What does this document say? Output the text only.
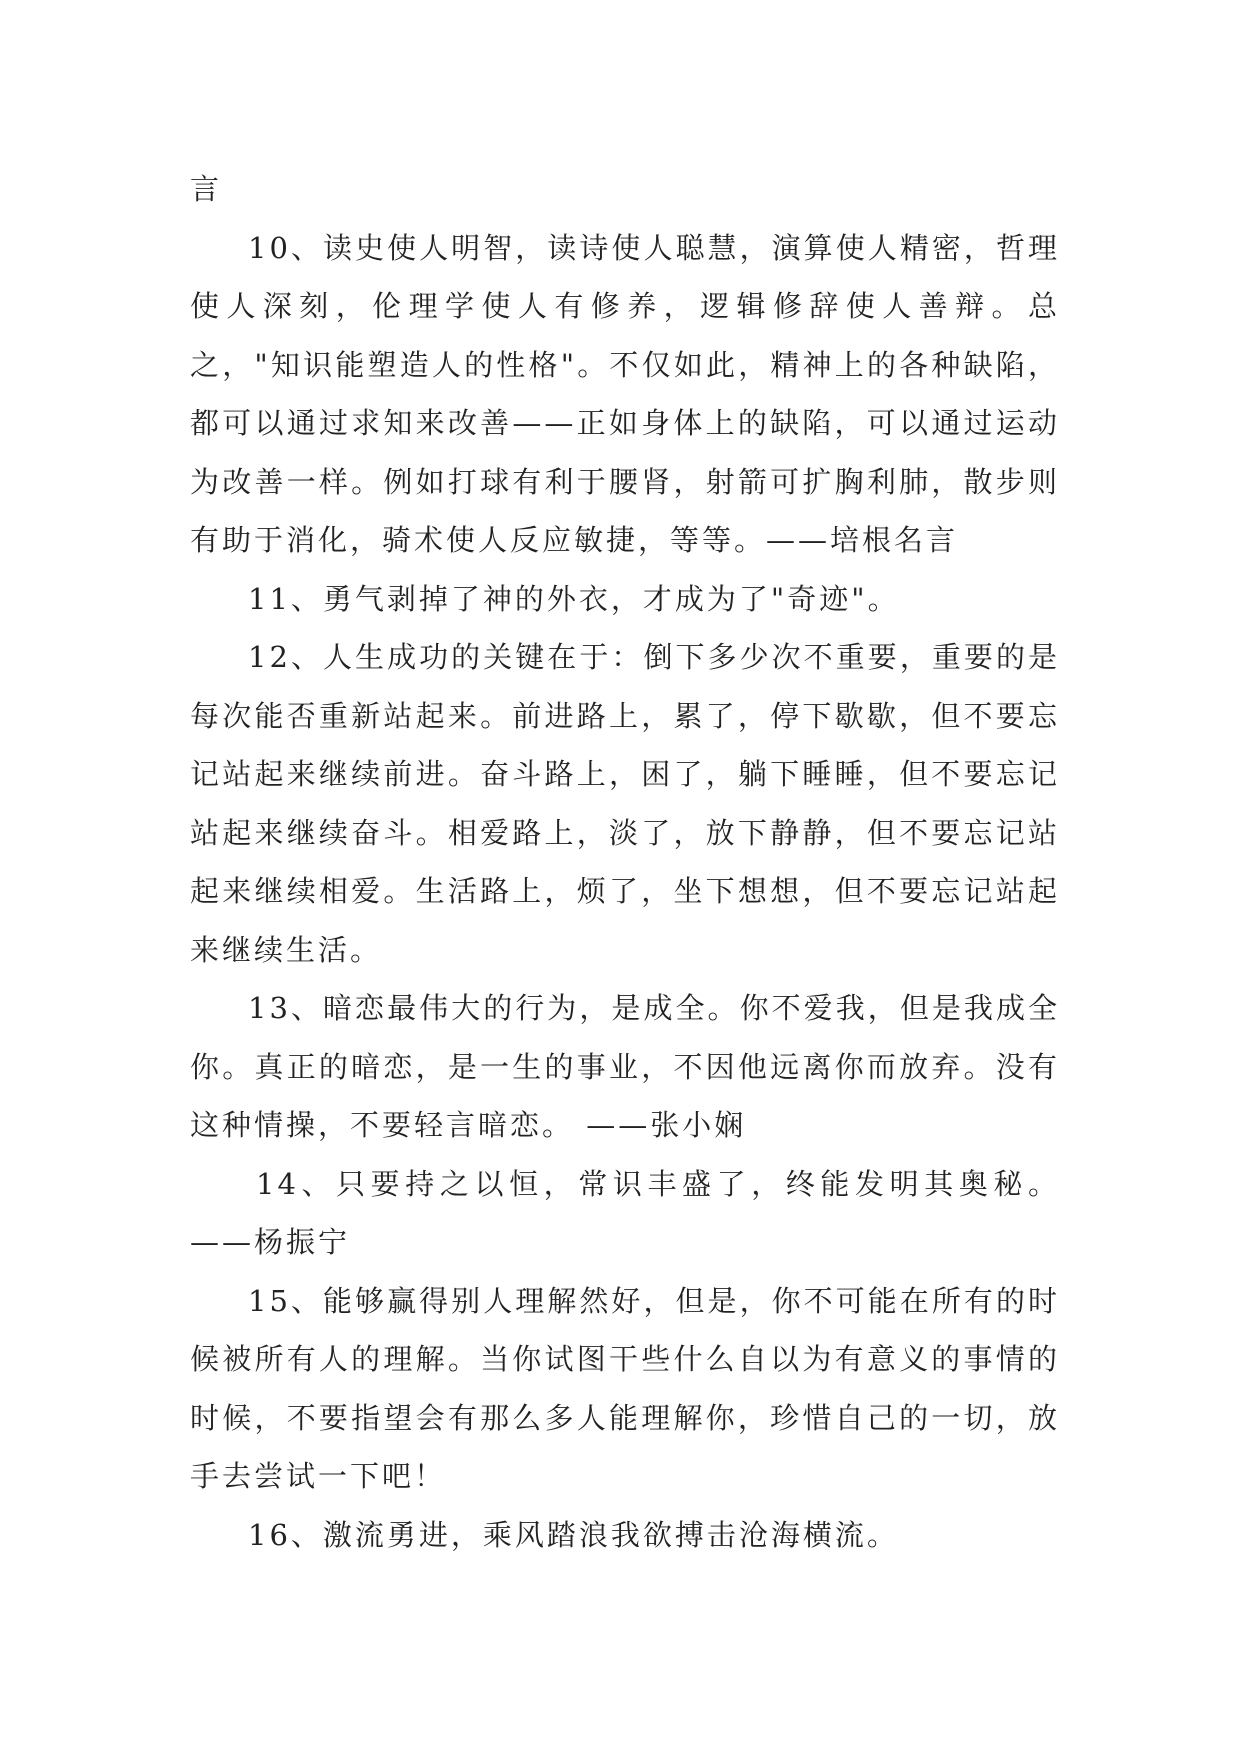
言

10、读史使人明智，读诗使人聪慧，演算使人精密，哲理使人深刻，伦理学使人有修养，逻辑修辞使人善辩。总之，"知识能塑造人的性格"。不仅如此，精神上的各种缺陷，都可以通过求知来改善——正如身体上的缺陷，可以通过运动为改善一样。例如打球有利于腰肾，射箭可扩胸利肺，散步则有助于消化，骑术使人反应敏捷，等等。——培根名言

11、勇气剥掉了神的外衣，才成为了"奇迹"。

12、人生成功的关键在于：倒下多少次不重要，重要的是每次能否重新站起来。前进路上，累了，停下歇歇，但不要忘记站起来继续前进。奋斗路上，困了，躺下睡睡，但不要忘记站起来继续奋斗。相爱路上，淡了，放下静静，但不要忘记站起来继续相爱。生活路上，烦了，坐下想想，但不要忘记站起来继续生活。

13、暗恋最伟大的行为，是成全。你不爱我，但是我成全你。真正的暗恋，是一生的事业，不因他远离你而放弃。没有这种情操，不要轻言暗恋。 ——张小娴

14、只要持之以恒，常识丰盛了，终能发明其奥秘。——杨振宁

15、能够赢得别人理解然好，但是，你不可能在所有的时候被所有人的理解。当你试图干些什么自以为有意义的事情的时候，不要指望会有那么多人能理解你，珍惜自己的一切，放手去尝试一下吧！

16、激流勇进，乘风踏浪我欲搏击沧海横流。
